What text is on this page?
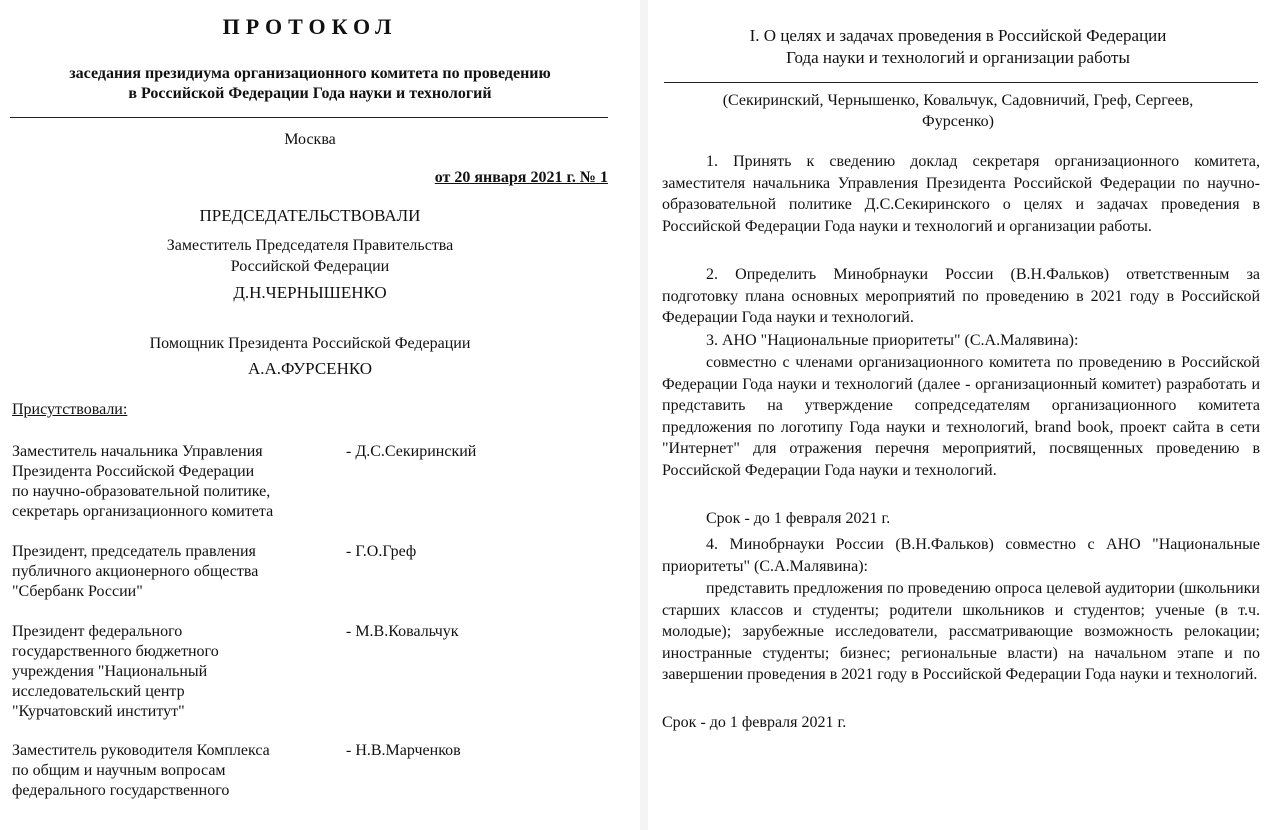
ПРОТОКОЛ
заседания президиума организационного комитета по проведению
в Российской Федерации Года науки и технологий
Москва
от 20 января 2021 г. № 1
ПРЕДСЕДАТЕЛЬСТВОВАЛИ
Заместитель Председателя Правительства
Российской Федерации
Д.Н.ЧЕРНЫШЕНКО
Помощник Президента Российской Федерации
А.А.ФУРСЕНКО
Присутствовали:
Заместитель начальника Управления
Президента Российской Федерации
по научно-образовательной политике,
секретарь организационного комитета
- Д.С.Секиринский
Президент, председатель правления
публичного акционерного общества
"Сбербанк России"
- Г.О.Греф
Президент федерального
государственного бюджетного
учреждения "Национальный
исследовательский центр
"Курчатовский институт"
- М.В.Ковальчук
Заместитель руководителя Комплекса
по общим и научным вопросам
федерального государственного
- Н.В.Марченков
I. О целях и задачах проведения в Российской Федерации
Года науки и технологий и организации работы
(Секиринский, Чернышенко, Ковальчук, Садовничий, Греф, Сергеев,
Фурсенко)
1. Принять к сведению доклад секретаря организационного комитета, заместителя начальника Управления Президента Российской Федерации по научно-образовательной политике Д.С.Секиринского о целях и задачах проведения в Российской Федерации Года науки и технологий и организации работы.
2. Определить Минобрнауки России (В.Н.Фальков) ответственным за подготовку плана основных мероприятий по проведению в 2021 году в Российской Федерации Года науки и технологий.
3. АНО "Национальные приоритеты" (С.А.Малявина):
совместно с членами организационного комитета по проведению в Российской Федерации Года науки и технологий (далее - организационный комитет) разработать и представить на утверждение сопредседателям организационного комитета предложения по логотипу Года науки и технологий, brand book, проект сайта в сети "Интернет" для отражения перечня мероприятий, посвященных проведению в Российской Федерации Года науки и технологий.
Срок - до 1 февраля 2021 г.
4. Минобрнауки России (В.Н.Фальков) совместно с АНО "Национальные приоритеты" (С.А.Малявина):
представить предложения по проведению опроса целевой аудитории (школьники старших классов и студенты; родители школьников и студентов; ученые (в т.ч. молодые); зарубежные исследователи, рассматривающие возможность релокации; иностранные студенты; бизнес; региональные власти) на начальном этапе и по завершении проведения в 2021 году в Российской Федерации Года науки и технологий.
Срок - до 1 февраля 2021 г.
